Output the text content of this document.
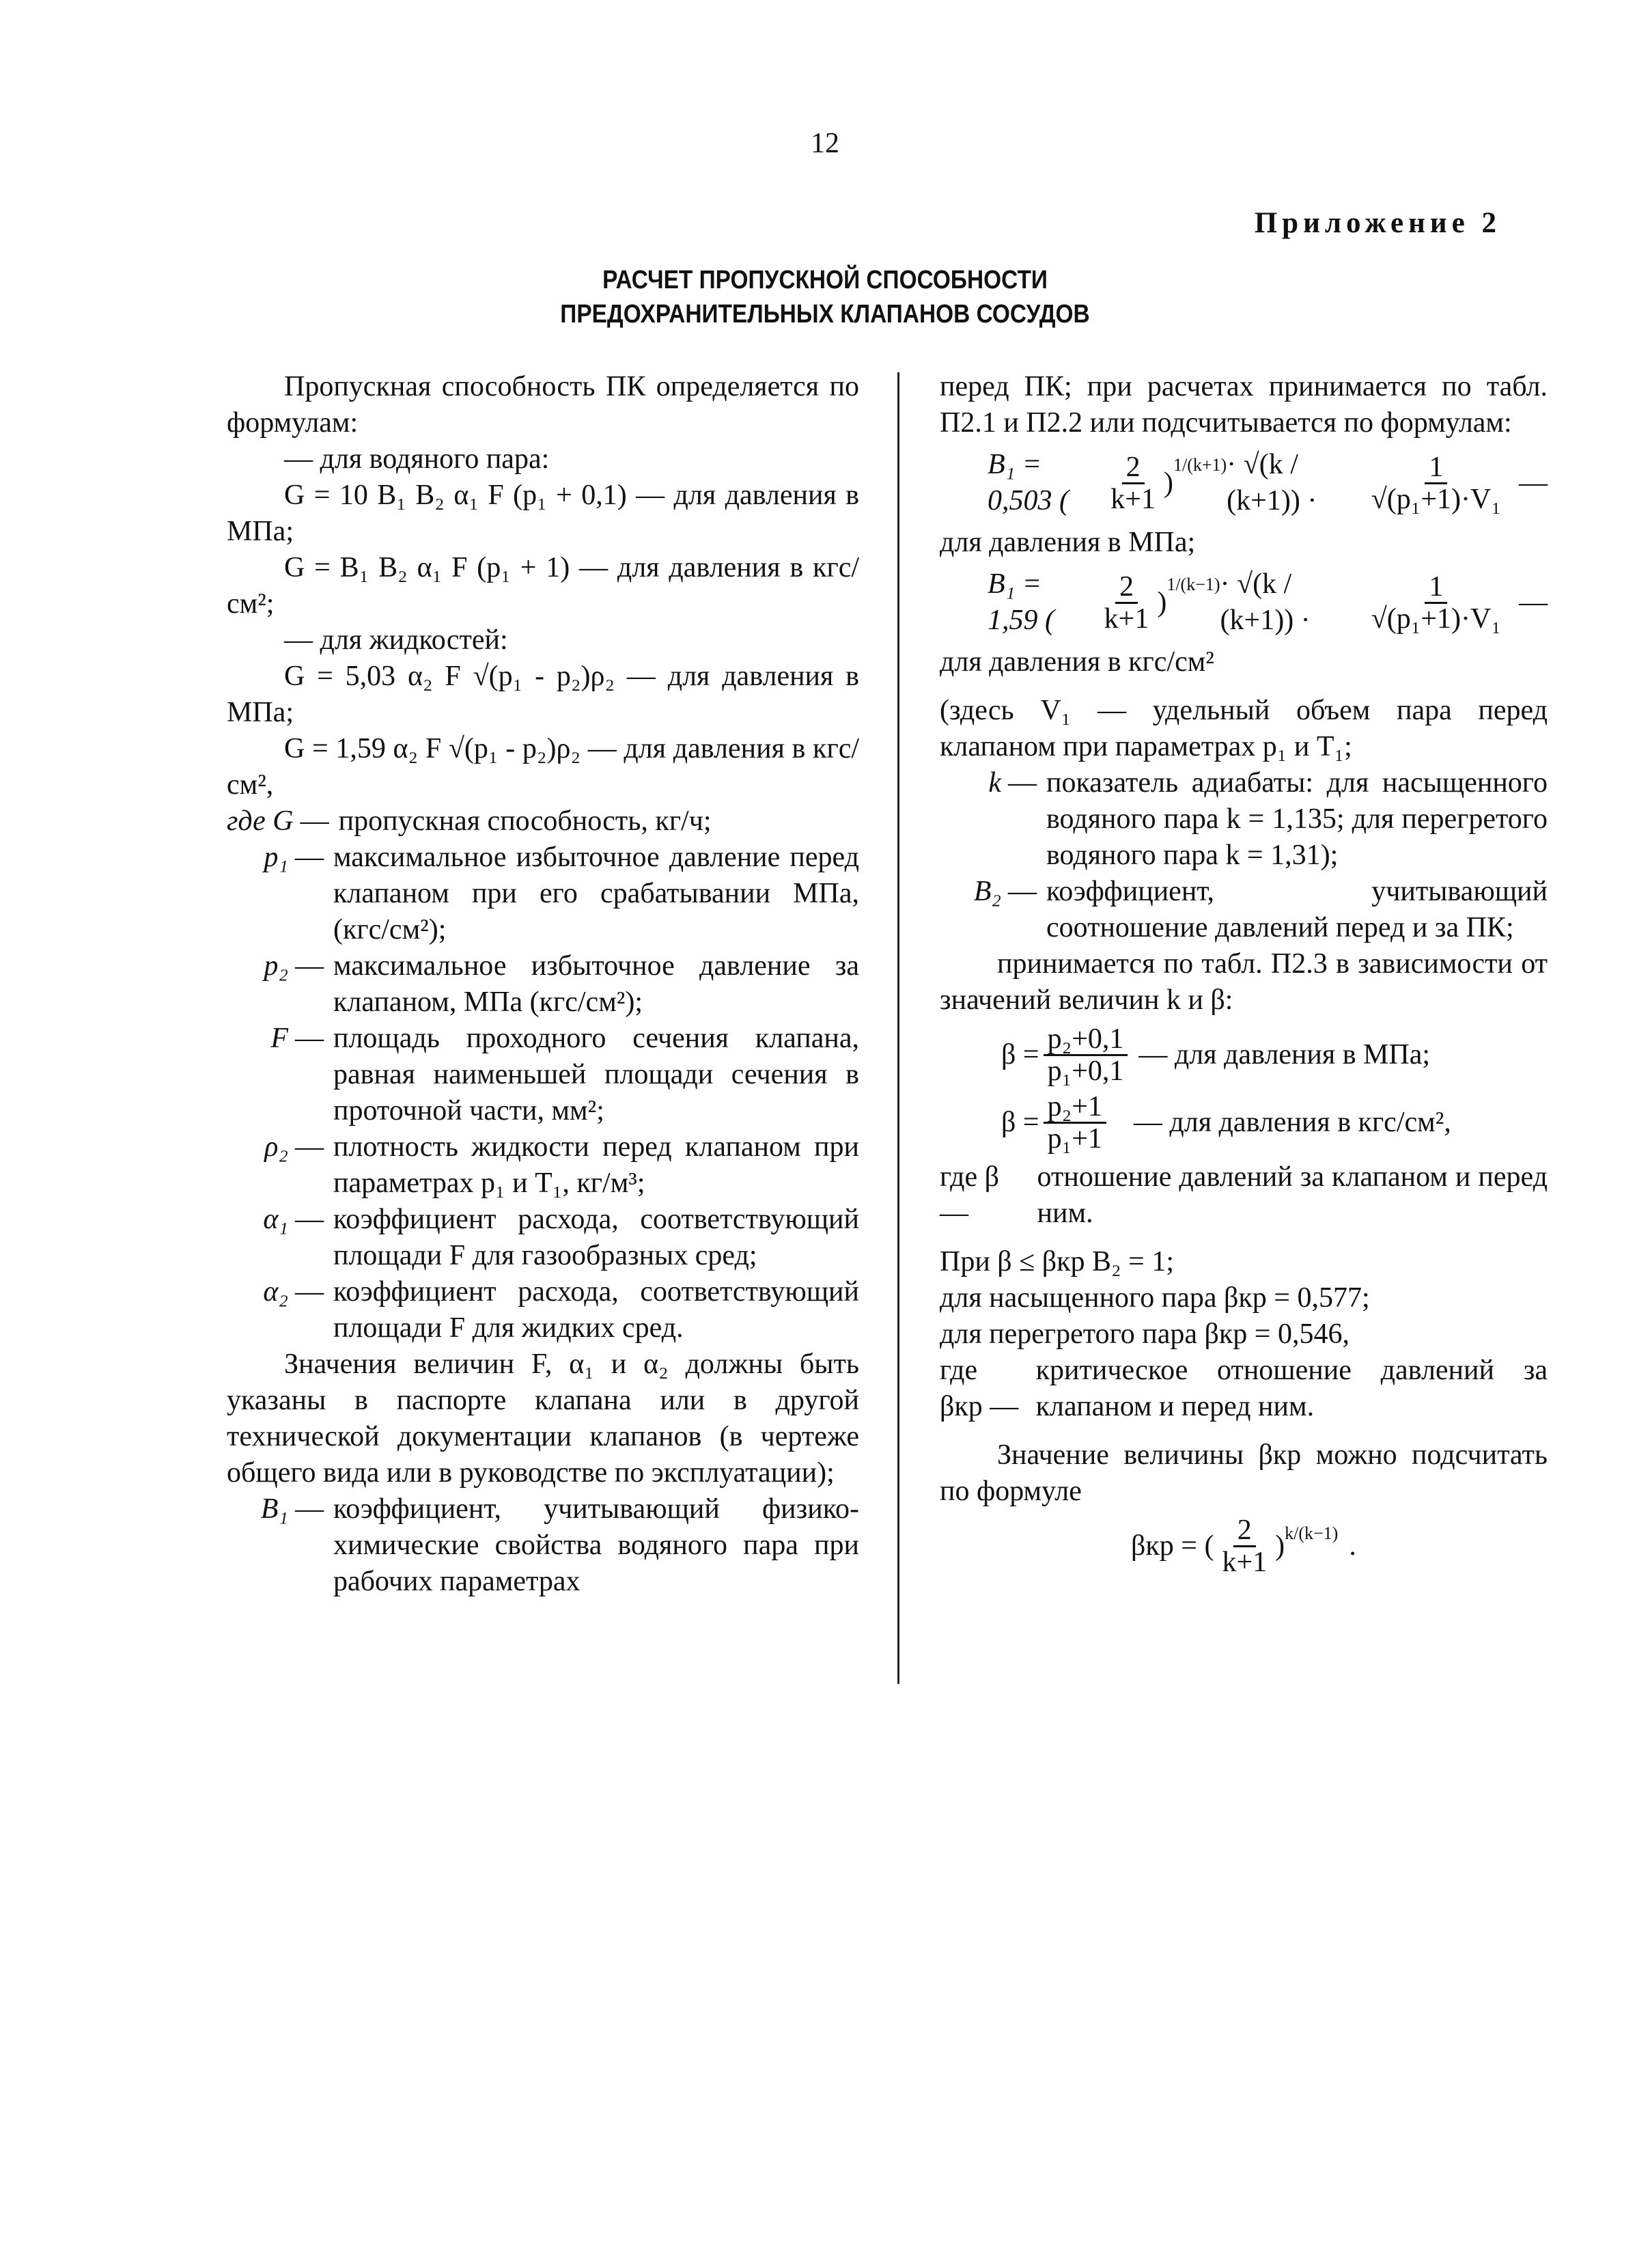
12
Приложение 2
РАСЧЕТ ПРОПУСКНОЙ СПОСОБНОСТИ
ПРЕДОХРАНИТЕЛЬНЫХ КЛАПАНОВ СОСУДОВ

Пропускная способность ПК определяется по формулам:

— для водяного пара:

G = 10 B₁ B₂ α₁ F (p₁ + 0,1) — для давления в МПа;

G = B₁ B₂ α₁ F (p₁ + 1) — для давления в кгс/см²;

— для жидкостей:

G = 5,03 α₂ F √(p₁ - p₂)ρ₂ — для давления в МПа;

G = 1,59 α₂ F √(p₁ - p₂)ρ₂ — для давления в кгс/см²,

где G — пропускная способность, кг/ч;
p₁ — максимальное избыточное давление перед клапаном при его срабатывании МПа, (кгс/см²);
p₂ — максимальное избыточное давление за клапаном, МПа (кгс/см²);
F — площадь проходного сечения клапана, равная наименьшей площади сечения в проточной части, мм²;
ρ₂ — плотность жидкости перед клапаном при параметрах p₁ и T₁, кг/м³;
α₁ — коэффициент расхода, соответствующий площади F для газообразных сред;
α₂ — коэффициент расхода, соответствующий площади F для жидких сред.

Значения величин F, α₁ и α₂ должны быть указаны в паспорте клапана или в другой технической документации клапанов (в чертеже общего вида или в руководстве по эксплуатации);

B₁ — коэффициент, учитывающий физико-химические свойства водяного пара при рабочих параметрах

перед ПК; при расчетах принимается по табл. П2.1 и П2.2 или подсчитывается по формулам:

B₁ = 0,503 (	$\frac{2}{k+1}$ )
$^{1/(k+1)}$ · √(k / (k+1)) ·	$\frac{1}{\text{√(p₁+1)·V₁}}$ —

для давления в МПа;

B₁ = 1,59 (	$\frac{2}{k+1}$ )
$^{1/(k-1)}$ · √(k / (k+1)) ·	$\frac{1}{\text{√(p₁+1)·V₁}}$ —

для давления в кгс/см²

(здесь V₁ — удельный объем пара перед клапаном при параметрах p₁ и T₁;

k — показатель адиабаты: для насыщенного водяного пара k = 1,135; для перегретого водяного пара k = 1,31);
B₂ — коэффициент, учитывающий соотношение давлений перед и за ПК;

принимается по табл. П2.3 в зависимости от значений величин k и β:

$\beta = \frac{\text{p₂+0,1}}{\text{p₁+0,1}}$ — для давления в МПа;
$\beta = \frac{\text{p₂+1}}{\text{p₁+1}}$ — для давления в кгс/см²,
где β —
отношение давлений за клапаном и перед ним.

При β ≤ βкр B₂ = 1;

для насыщенного пара βкр = 0,577;

для перегретого пара βкр = 0,546,

где βкр —
критическое отношение давлений за клапаном и перед ним.

Значение величины βкр можно подсчитать по формуле

βкр = ( $\frac{2}{k+1} )^{k/(k-1)}$ .
